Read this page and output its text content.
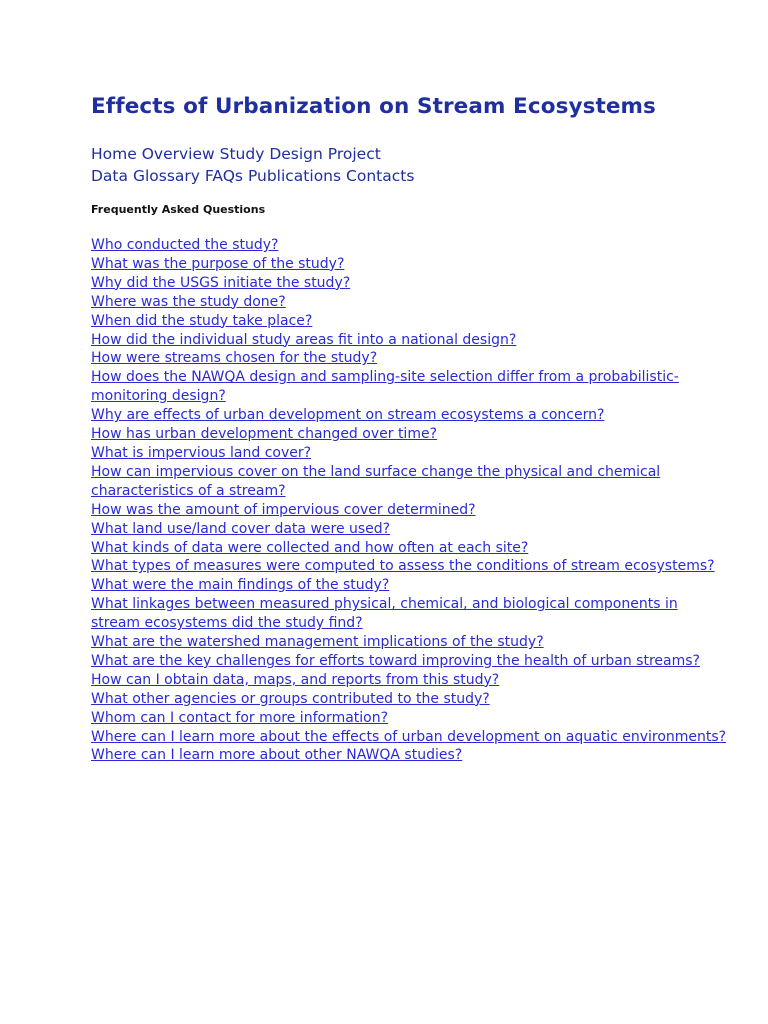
Effects of Urbanization on Stream Ecosystems
Home Overview Study Design Project
Data Glossary FAQs Publications Contacts
Frequently Asked Questions
Who conducted the study?
What was the purpose of the study?
Why did the USGS initiate the study?
Where was the study done?
When did the study take place?
How did the individual study areas fit into a national design?
How were streams chosen for the study?
How does the NAWQA design and sampling-site selection differ from a probabilistic-monitoring design?
Why are effects of urban development on stream ecosystems a concern?
How has urban development changed over time?
What is impervious land cover?
How can impervious cover on the land surface change the physical and chemical characteristics of a stream?
How was the amount of impervious cover determined?
What land use/land cover data were used?
What kinds of data were collected and how often at each site?
What types of measures were computed to assess the conditions of stream ecosystems?
What were the main findings of the study?
What linkages between measured physical, chemical, and biological components in stream ecosystems did the study find?
What are the watershed management implications of the study?
What are the key challenges for efforts toward improving the health of urban streams?
How can I obtain data, maps, and reports from this study?
What other agencies or groups contributed to the study?
Whom can I contact for more information?
Where can I learn more about the effects of urban development on aquatic environments?
Where can I learn more about other NAWQA studies?
